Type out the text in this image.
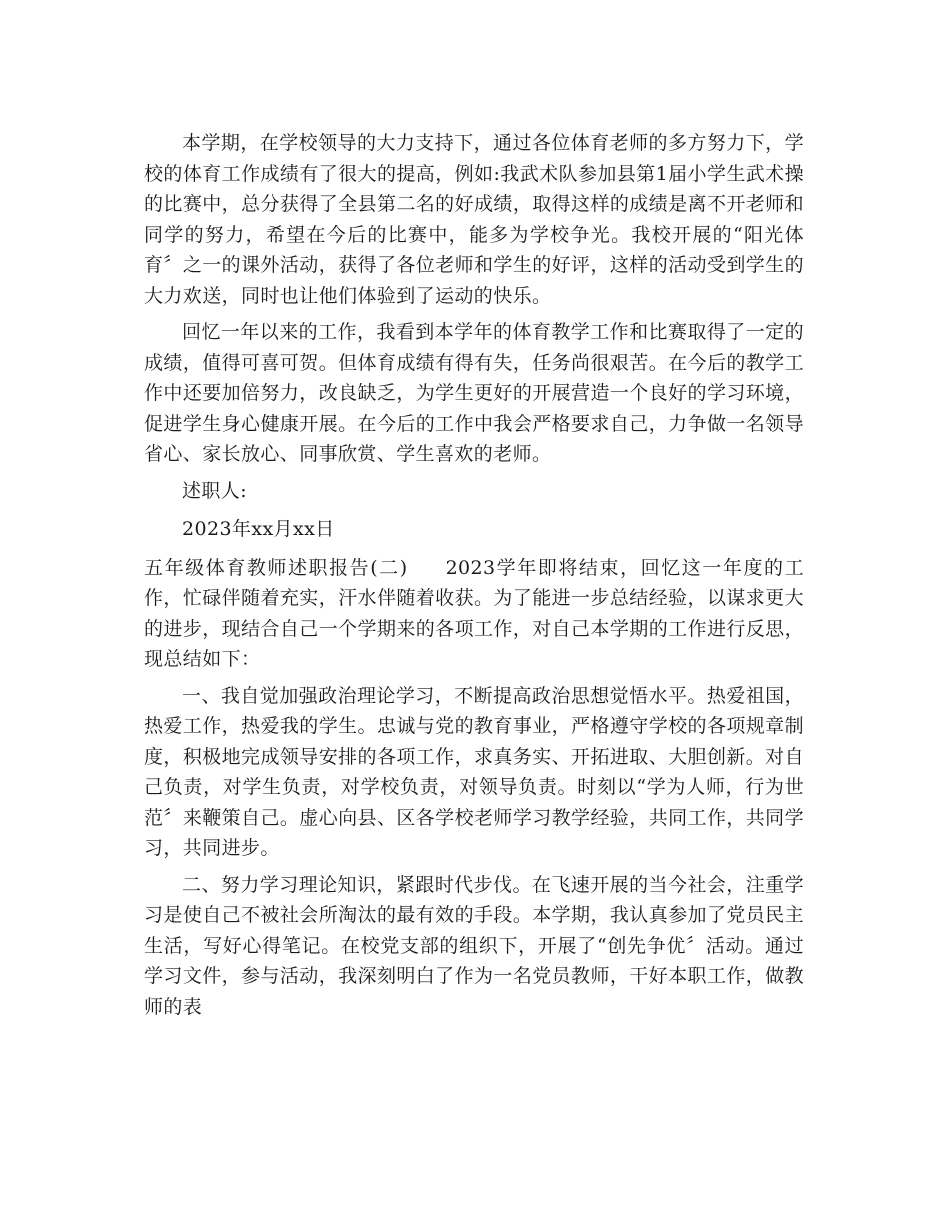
本学期，在学校领导的大力支持下，通过各位体育老师的多方努力下，学校的体育工作成绩有了很大的提高，例如:我武术队参加县第1届小学生武术操的比赛中，总分获得了全县第二名的好成绩，取得这样的成绩是离不开老师和同学的努力，希望在今后的比赛中，能多为学校争光。我校开展的“阳光体育〞之一的课外活动，获得了各位老师和学生的好评，这样的活动受到学生的大力欢送，同时也让他们体验到了运动的快乐。

回忆一年以来的工作，我看到本学年的体育教学工作和比赛取得了一定的成绩，值得可喜可贺。但体育成绩有得有失，任务尚很艰苦。在今后的教学工作中还要加倍努力，改良缺乏，为学生更好的开展营造一个良好的学习环境，促进学生身心健康开展。在今后的工作中我会严格要求自己，力争做一名领导省心、家长放心、同事欣赏、学生喜欢的老师。

述职人:

2023年xx月xx日

五年级体育教师述职报告(二) 2023学年即将结束，回忆这一年度的工作，忙碌伴随着充实，汗水伴随着收获。为了能进一步总结经验，以谋求更大的进步，现结合自己一个学期来的各项工作，对自己本学期的工作进行反思，现总结如下：

一、我自觉加强政治理论学习，不断提高政治思想觉悟水平。热爱祖国，热爱工作，热爱我的学生。忠诚与党的教育事业，严格遵守学校的各项规章制度，积极地完成领导安排的各项工作，求真务实、开拓进取、大胆创新。对自己负责，对学生负责，对学校负责，对领导负责。时刻以“学为人师，行为世范〞来鞭策自己。虚心向县、区各学校老师学习教学经验，共同工作，共同学习，共同进步。

二、努力学习理论知识，紧跟时代步伐。在飞速开展的当今社会，注重学习是使自己不被社会所淘汰的最有效的手段。本学期，我认真参加了党员民主生活，写好心得笔记。在校党支部的组织下，开展了“创先争优〞活动。通过学习文件，参与活动，我深刻明白了作为一名党员教师，干好本职工作，做教师的表
